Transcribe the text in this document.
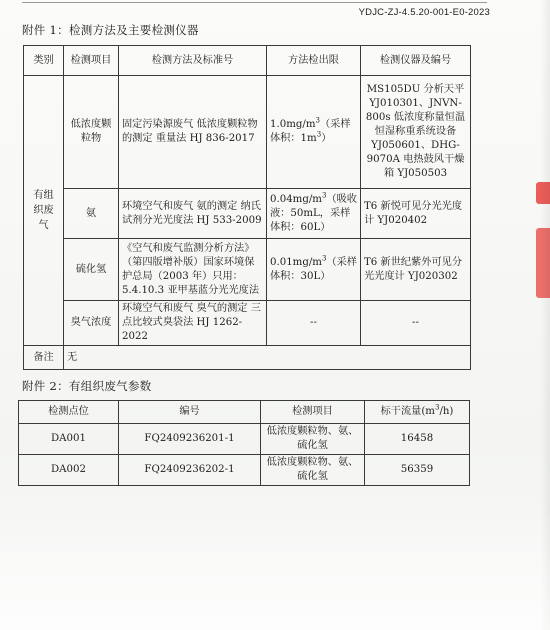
YDJC-ZJ-4.5.20-001-E0-2023
附件 1：检测方法及主要检测仪器
类别	检测项目	检测方法及标准号	方法检出限	检测仪器及编号
有组织废气	低浓度颗粒物	固定污染源废气 低浓度颗粒物的测定 重量法 HJ 836-2017	$1.0mg/m^3$（采样体积：$1m^3$）	MS105DU 分析天平 YJ010301、JNVN-800s 低浓度称量恒温恒湿称重系统设备 YJ050601、DHG-9070A 电热鼓风干燥箱 YJ050503
	氨	环境空气和废气 氨的测定 纳氏试剂分光光度法 HJ 533-2009	$0.04mg/m^3$（吸收液：50mL，采样体积：60L）	T6 新悦可见分光光度计 YJ020402
	硫化氢	《空气和废气监测分析方法》（第四版增补版）国家环境保护总局（2003 年）只用：5.4.10.3 亚甲基蓝分光光度法	$0.01mg/m^3$（采样体积：30L）	T6 新世纪紫外可见分光光度计 YJ020302
	臭气浓度	环境空气和废气 臭气的测定 三点比较式臭袋法 HJ 1262-2022	--	--
备注	无			
附件 2：有组织废气参数
检测点位	编号	检测项目	标干流量$(m^3/h)$
DA001	FQ2409236201-1	低浓度颗粒物、氨、硫化氢	16458
DA002	FQ2409236202-1	低浓度颗粒物、氨、硫化氢	56359
